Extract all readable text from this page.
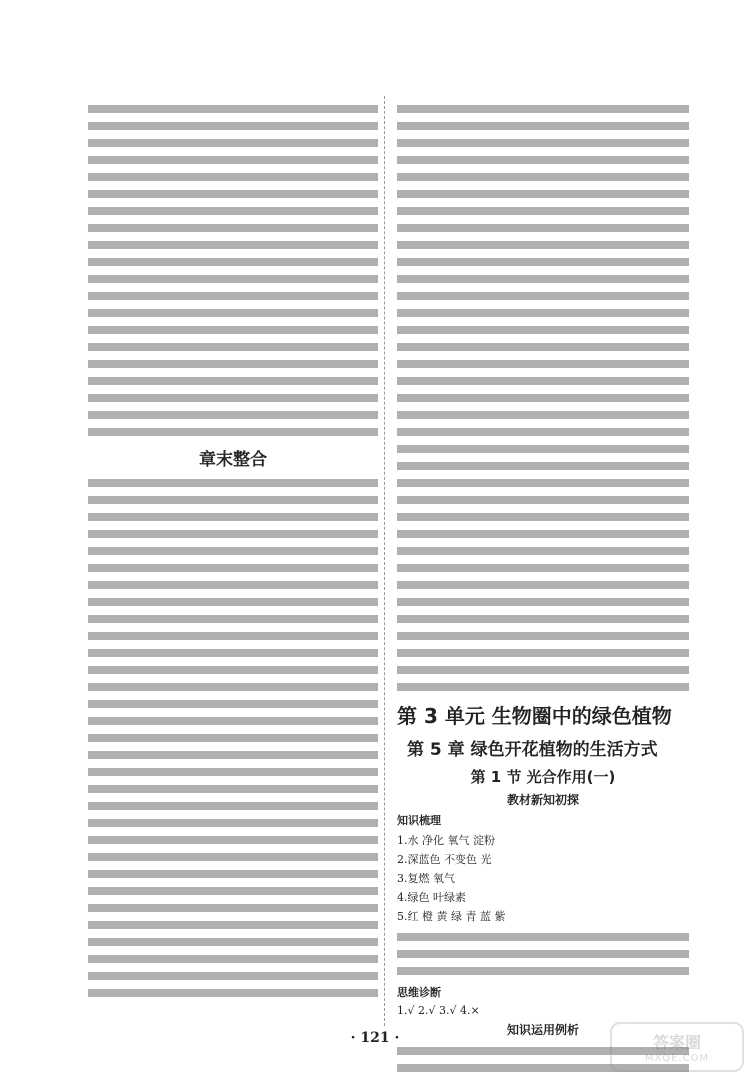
章末整合
第 3 单元 生物圈中的绿色植物
第 5 章 绿色开花植物的生活方式
第 1 节 光合作用(一)
教材新知初探
知识梳理
1.水 净化 氧气 淀粉
2.深蓝色 不变色 光
3.复燃 氧气
4.绿色 叶绿素
5.红 橙 黄 绿 青 蓝 紫
思维诊断
1.√ 2.√ 3.√ 4.×
知识运用例析
· 121 ·	答案圈
MXQE.COM
